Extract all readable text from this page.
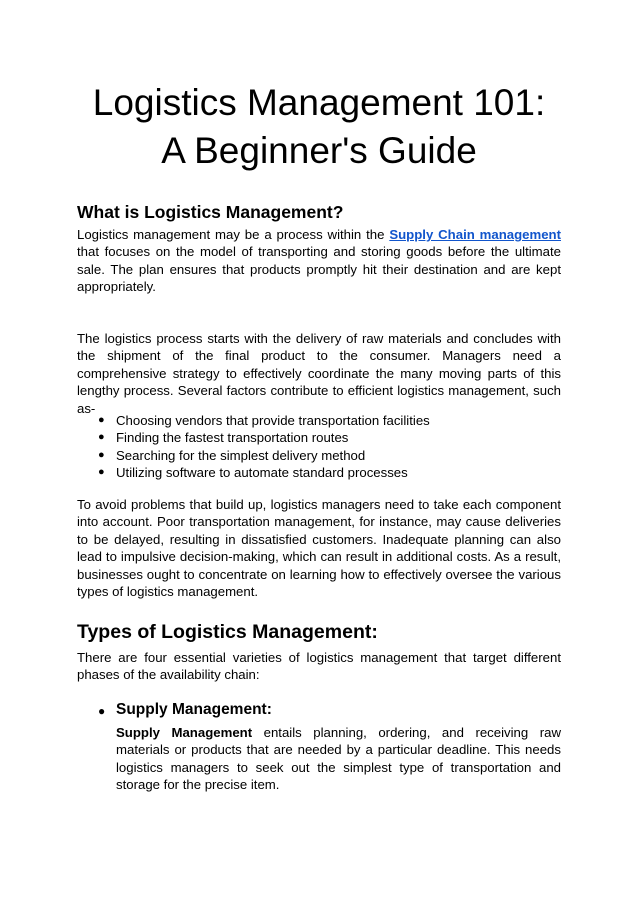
Logistics Management 101:
A Beginner's Guide
What is Logistics Management?

Logistics management may be a process within the Supply Chain management that focuses on the model of transporting and storing goods before the ultimate sale. The plan ensures that products promptly hit their destination and are kept appropriately.

The logistics process starts with the delivery of raw materials and concludes with the shipment of the final product to the consumer. Managers need a comprehensive strategy to effectively coordinate the many moving parts of this lengthy process. Several factors contribute to efficient logistics management, such as-

● Choosing vendors that provide transportation facilities
● Finding the fastest transportation routes
● Searching for the simplest delivery method
● Utilizing software to automate standard processes

To avoid problems that build up, logistics managers need to take each component into account. Poor transportation management, for instance, may cause deliveries to be delayed, resulting in dissatisfied customers. Inadequate planning can also lead to impulsive decision-making, which can result in additional costs. As a result, businesses ought to concentrate on learning how to effectively oversee the various types of logistics management.

Types of Logistics Management:

There are four essential varieties of logistics management that target different phases of the availability chain:

● Supply Management:

Supply Management entails planning, ordering, and receiving raw materials or products that are needed by a particular deadline. This needs logistics managers to seek out the simplest type of transportation and storage for the precise item.
